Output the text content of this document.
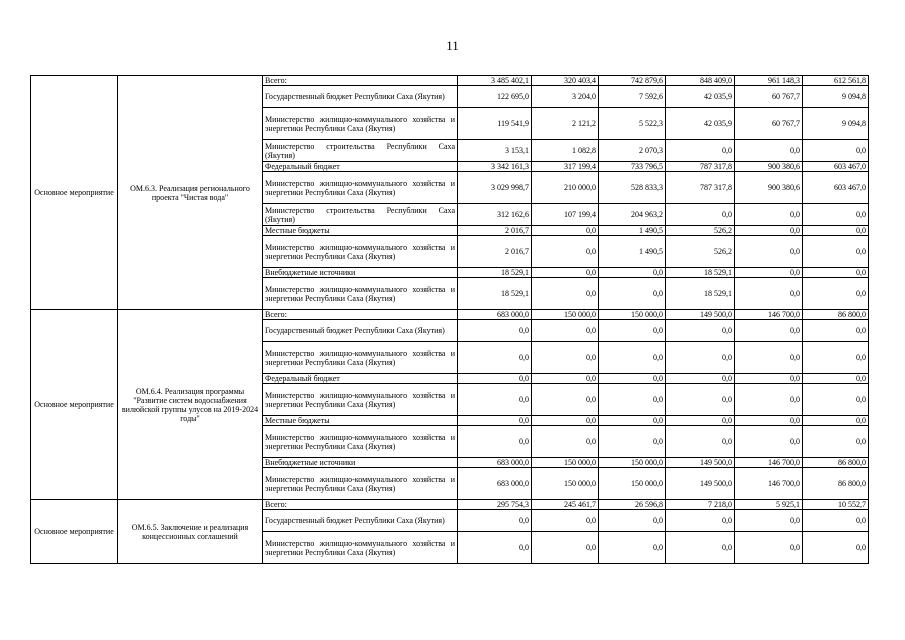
11
Основное мероприятие	ОМ.6.3. Реализация регионального проекта "Чистая вода"	Всего:	3 485 402,1	320 403,4	742 879,6	848 409,0	961 148,3	612 561,8
		Государственный бюджет Республики Саха (Якутия)	122 695,0	3 204,0	7 592,6	42 035,9	60 767,7	9 094,8
		Министерство жилищно-коммунального хозяйства и энергетики Республики Саха (Якутия)	119 541,9	2 121,2	5 522,3	42 035,9	60 767,7	9 094,8
		Министерство строительства Республики Саха (Якутия)	3 153,1	1 082,8	2 070,3	0,0	0,0	0,0
		Федеральный бюджет	3 342 161,3	317 199,4	733 796,5	787 317,8	900 380,6	603 467,0
		Министерство жилищно-коммунального хозяйства и энергетики Республики Саха (Якутия)	3 029 998,7	210 000,0	528 833,3	787 317,8	900 380,6	603 467,0
		Министерство строительства Республики Саха (Якутия)	312 162,6	107 199,4	204 963,2	0,0	0,0	0,0
		Местные бюджеты	2 016,7	0,0	1 490,5	526,2	0,0	0,0
		Министерство жилищно-коммунального хозяйства и энергетики Республики Саха (Якутия)	2 016,7	0,0	1 490,5	526,2	0,0	0,0
		Внебюджетные источники	18 529,1	0,0	0,0	18 529,1	0,0	0,0
		Министерство жилищно-коммунального хозяйства и энергетики Республики Саха (Якутия)	18 529,1	0,0	0,0	18 529,1	0,0	0,0
Основное мероприятие	ОМ.6.4. Реализация программы "Развитие систем водоснабжения вилюйской группы улусов на 2019-2024 годы"	Всего:	683 000,0	150 000,0	150 000,0	149 500,0	146 700,0	86 800,0
		Государственный бюджет Республики Саха (Якутия)	0,0	0,0	0,0	0,0	0,0	0,0
		Министерство жилищно-коммунального хозяйства и энергетики Республики Саха (Якутия)	0,0	0,0	0,0	0,0	0,0	0,0
		Федеральный бюджет	0,0	0,0	0,0	0,0	0,0	0,0
		Министерство жилищно-коммунального хозяйства и энергетики Республики Саха (Якутия)	0,0	0,0	0,0	0,0	0,0	0,0
		Местные бюджеты	0,0	0,0	0,0	0,0	0,0	0,0
		Министерство жилищно-коммунального хозяйства и энергетики Республики Саха (Якутия)	0,0	0,0	0,0	0,0	0,0	0,0
		Внебюджетные источники	683 000,0	150 000,0	150 000,0	149 500,0	146 700,0	86 800,0
		Министерство жилищно-коммунального хозяйства и энергетики Республики Саха (Якутия)	683 000,0	150 000,0	150 000,0	149 500,0	146 700,0	86 800,0
Основное мероприятие	ОМ.6.5. Заключение и реализация концессионных соглашений	Всего:	295 754,3	245 461,7	26 596,8	7 218,0	5 925,1	10 552,7
		Государственный бюджет Республики Саха (Якутия)	0,0	0,0	0,0	0,0	0,0	0,0
		Министерство жилищно-коммунального хозяйства и энергетики Республики Саха (Якутия)	0,0	0,0	0,0	0,0	0,0	0,0
